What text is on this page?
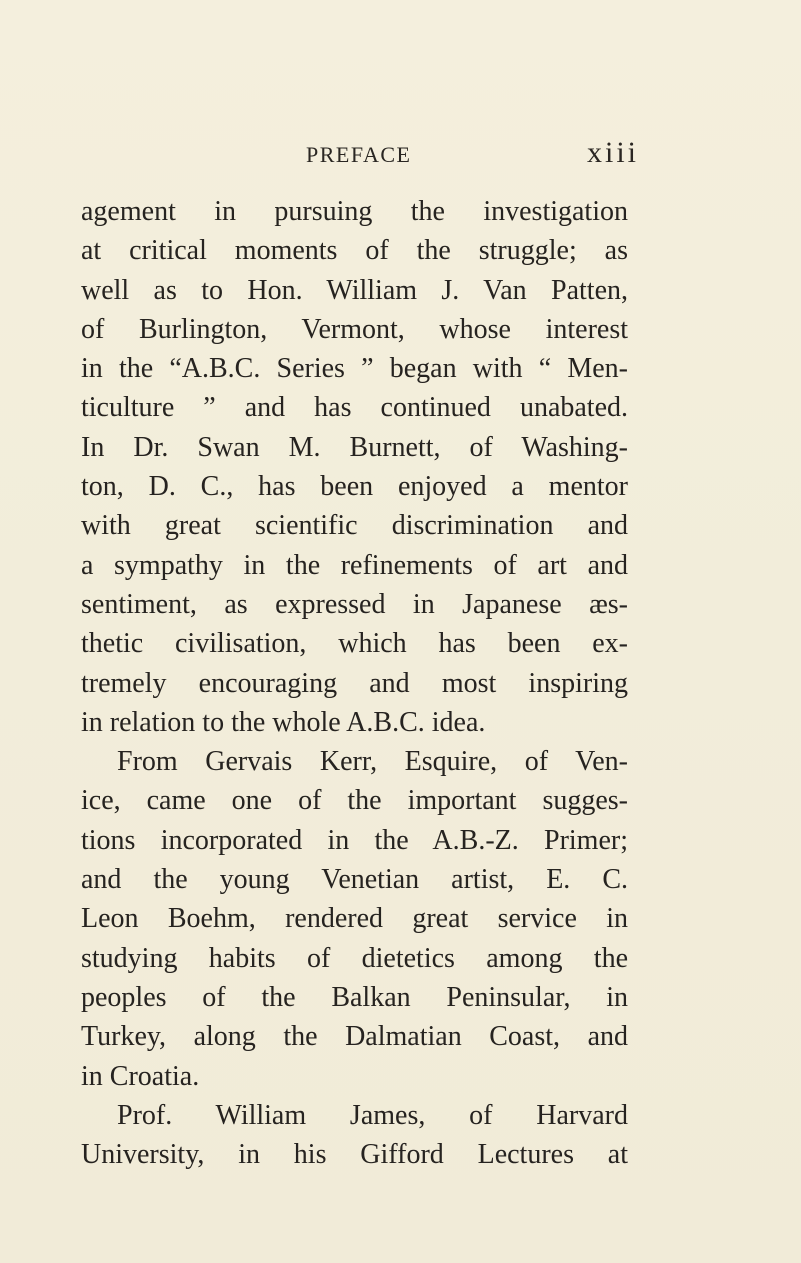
PREFACE	xiii
agement in pursuing the investigation
at critical moments of the struggle; as
well as to Hon. William J. Van Patten,
of Burlington, Vermont, whose interest
in the “A.B.C. Series ” began with “ Men-
ticulture ” and has continued unabated.
In Dr. Swan M. Burnett, of Washing-
ton, D. C., has been enjoyed a mentor
with great scientific discrimination and
a sympathy in the refinements of art and
sentiment, as expressed in Japanese æs-
thetic civilisation, which has been ex-
tremely encouraging and most inspiring
in relation to the whole A.B.C. idea.
From Gervais Kerr, Esquire, of Ven-
ice, came one of the important sugges-
tions incorporated in the A.B.-Z. Primer;
and the young Venetian artist, E. C.
Leon Boehm, rendered great service in
studying habits of dietetics among the
peoples of the Balkan Peninsular, in
Turkey, along the Dalmatian Coast, and
in Croatia.
Prof. William James, of Harvard
University, in his Gifford Lectures at
